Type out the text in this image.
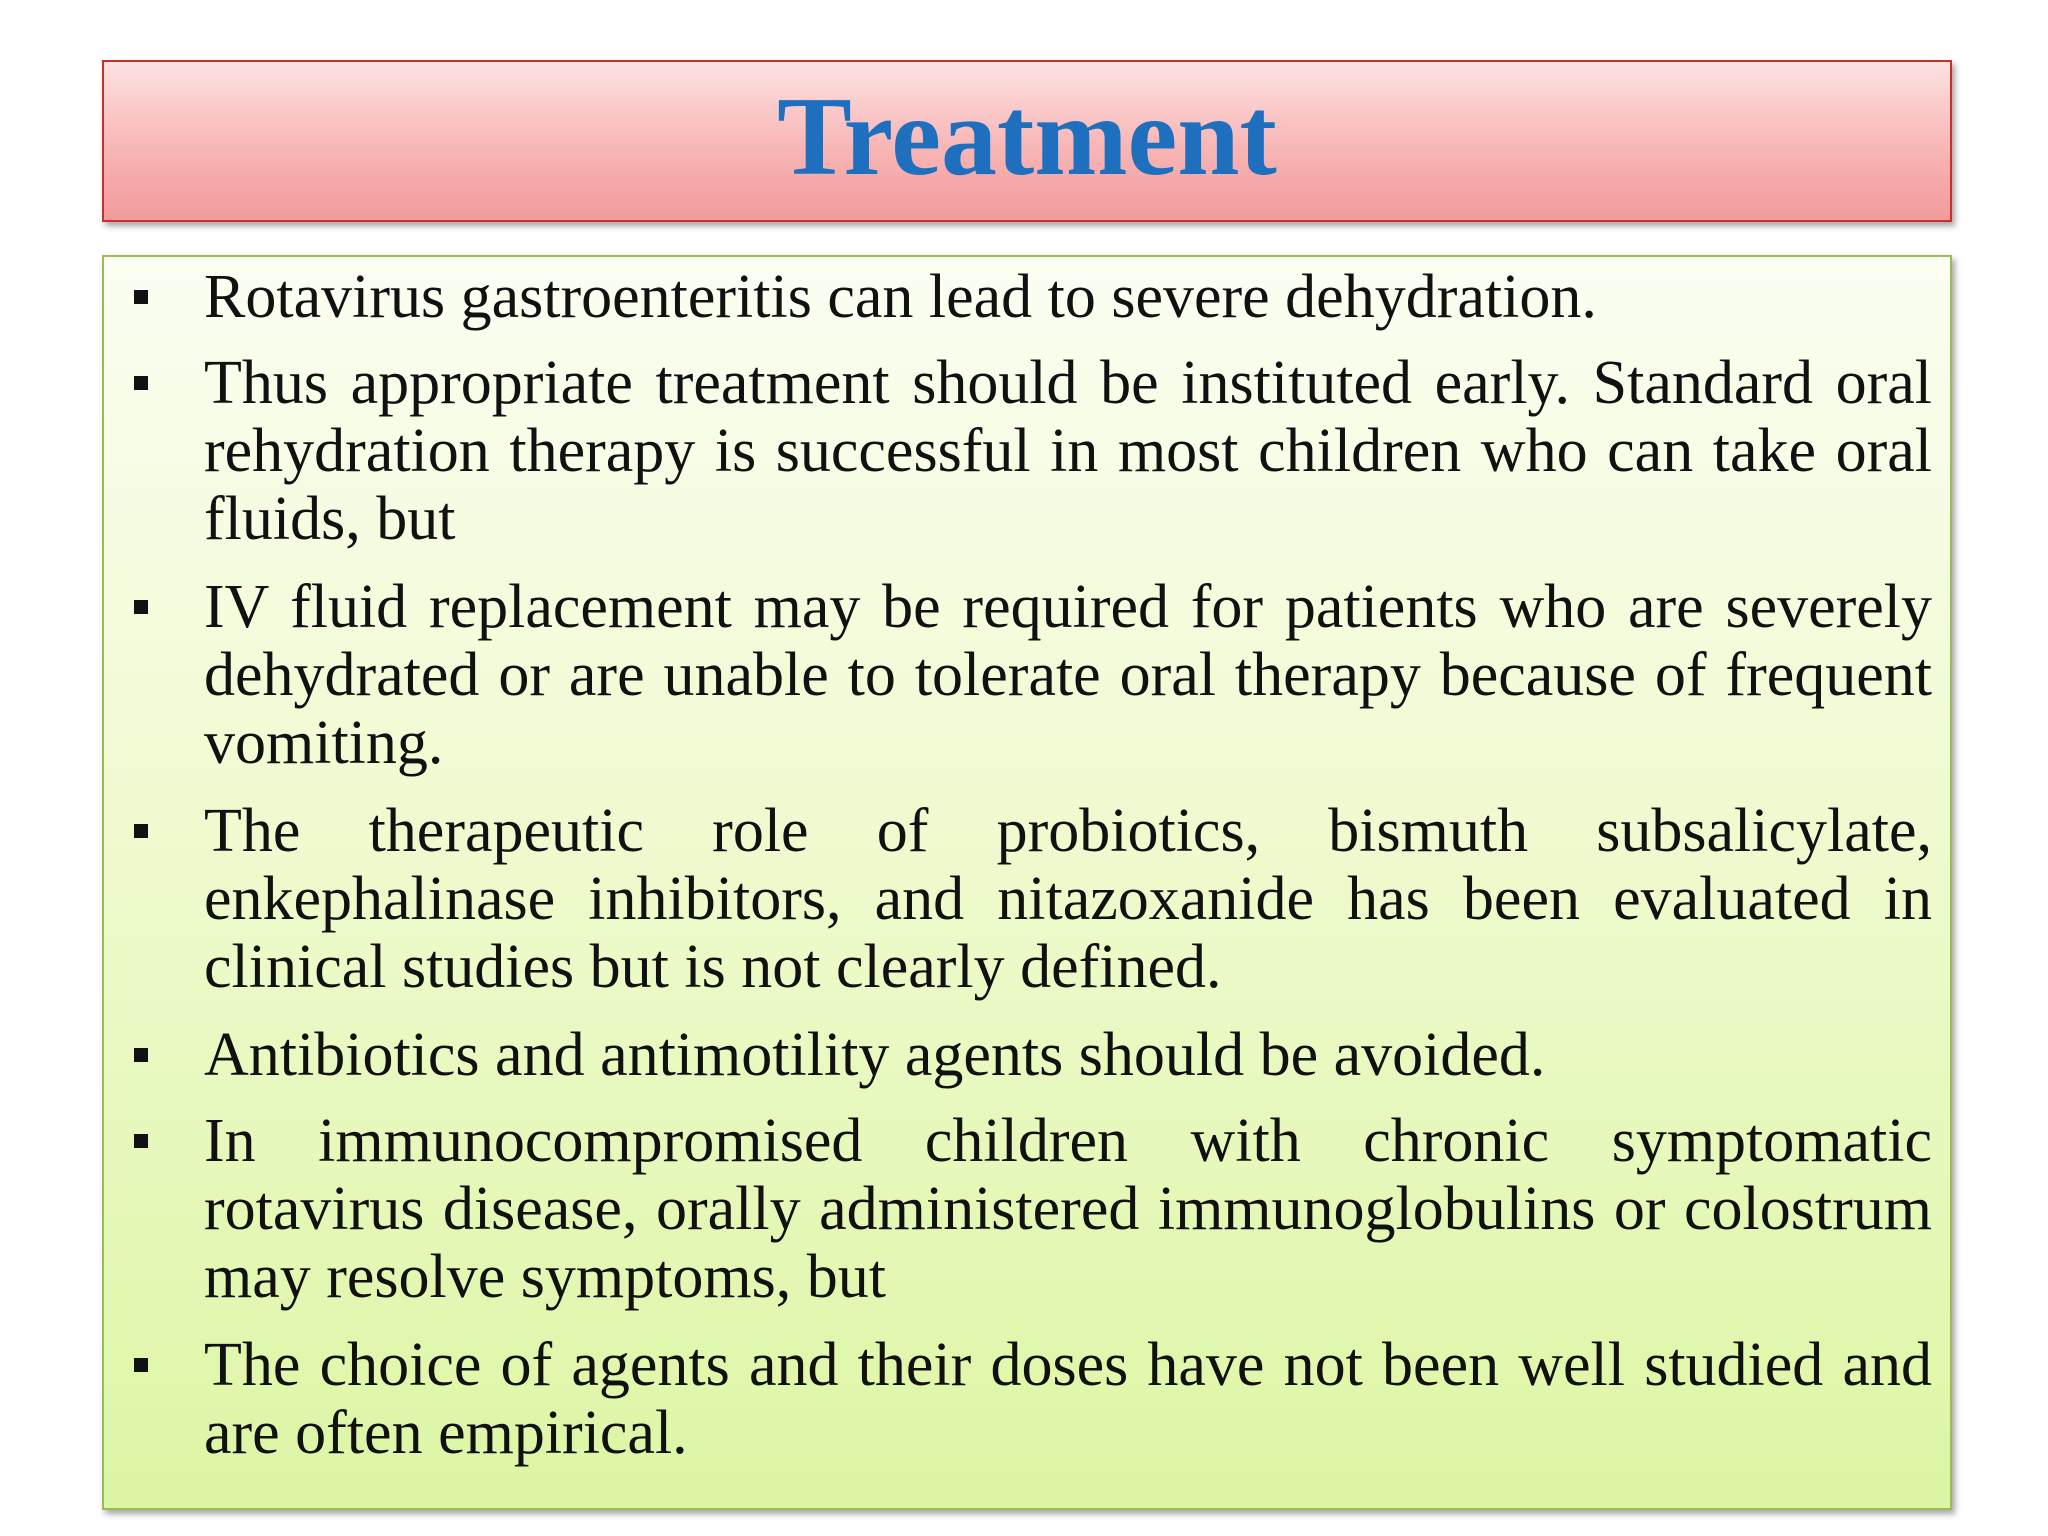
Treatment
Rotavirus gastroenteritis can lead to severe dehydration.
Thus appropriate treatment should be instituted early. Standard oral rehydration therapy is successful in most children who can take oral fluids, but
IV fluid replacement may be required for patients who are severely dehydrated or are unable to tolerate oral therapy because of frequent vomiting.
The therapeutic role of probiotics, bismuth subsalicylate, enkephalinase inhibitors, and nitazoxanide has been evaluated in clinical studies but is not clearly defined.
Antibiotics and antimotility agents should be avoided.
In immunocompromised children with chronic symptomatic rotavirus disease, orally administered immunoglobulins or colostrum may resolve symptoms, but
The choice of agents and their doses have not been well studied and are often empirical.
